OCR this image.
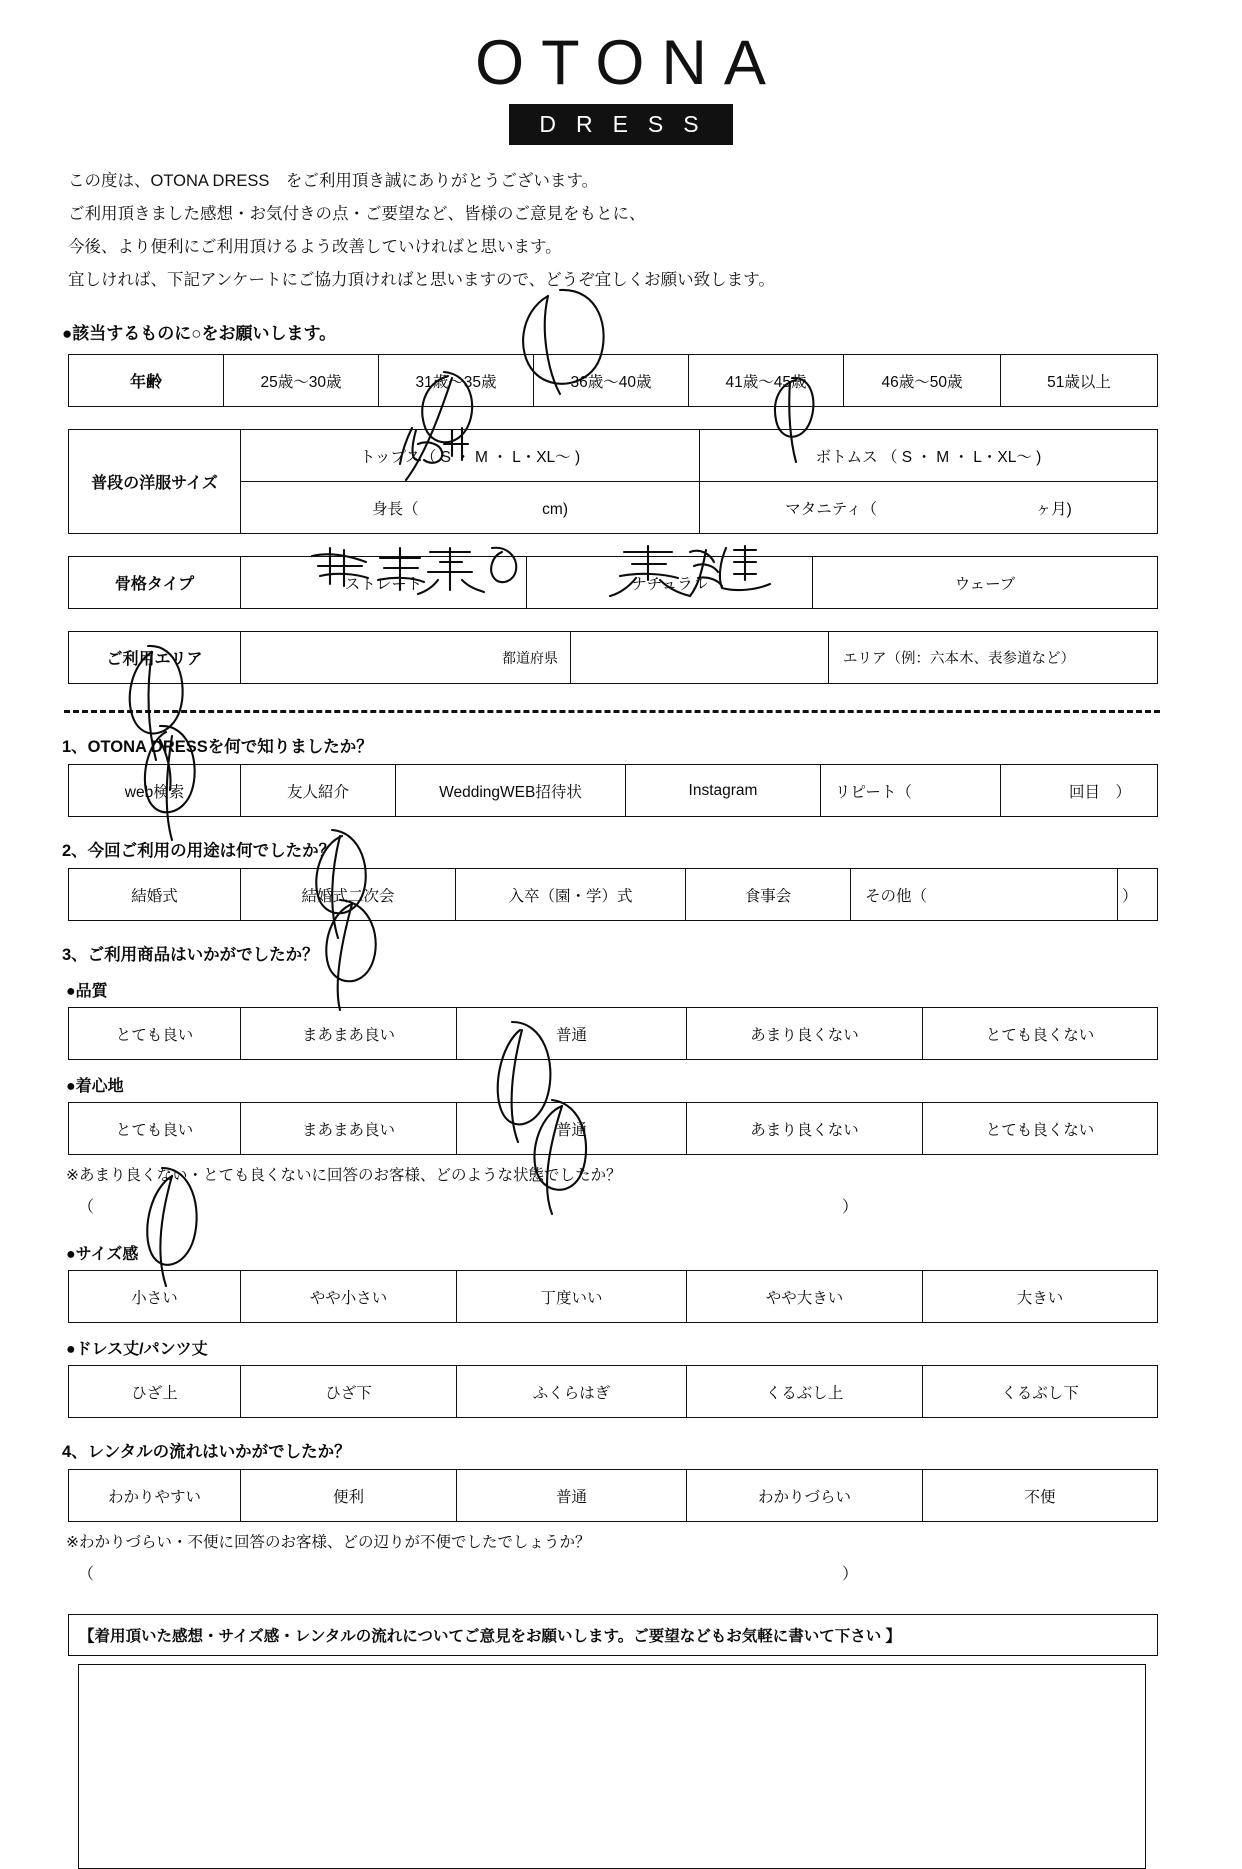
OTONA
DRESS
この度は、OTONA DRESS　をご利用頂き誠にありがとうございます。
ご利用頂きました感想・お気付きの点・ご要望など、皆様のご意見をもとに、
今後、より便利にご利用頂けるよう改善していければと思います。
宜しければ、下記アンケートにご協力頂ければと思いますので、どうぞ宜しくお願い致します。
●該当するものに○をお願いします。
年齢	25歳～30歳	31歳～35歳	36歳～40歳	41歳～45歳	46歳～50歳	51歳以上
普段の洋服サイズ	トップス（ S ・ M ・ L・XL～ )	ボトムス （ S ・ M ・ L・XL～ )
	身長（ cm)	マタニティ（ ヶ月)
骨格タイプ	ストレート	ナチュラル	ウェーブ
ご利用エリア	都道府県		エリア（例：六本木、表参道など）
1、OTONA DRESSを何で知りましたか？
web検索	友人紹介	WeddingWEB招待状	Instagram	リピート（	回目　）
2、今回ご利用の用途は何でしたか？
結婚式	結婚式二次会	入卒（園・学）式	食事会	その他（	）
3、ご利用商品はいかがでしたか？
●品質
とても良い	まあまあ良い	普通	あまり良くない	とても良くない
●着心地
とても良い	まあまあ良い	普通	あまり良くない	とても良くない
※あまり良くない・とても良くないに回答のお客様、どのような状態でしたか？
（	）
●サイズ感
小さい	やや小さい	丁度いい	やや大きい	大きい
●ドレス丈/パンツ丈
ひざ上	ひざ下	ふくらはぎ	くるぶし上	くるぶし下
4、レンタルの流れはいかがでしたか？
わかりやすい	便利	普通	わかりづらい	不便
※わかりづらい・不便に回答のお客様、どの辺りが不便でしたでしょうか？
（	）
【着用頂いた感想・サイズ感・レンタルの流れについてご意見をお願いします。ご要望などもお気軽に書いて下さい 】
